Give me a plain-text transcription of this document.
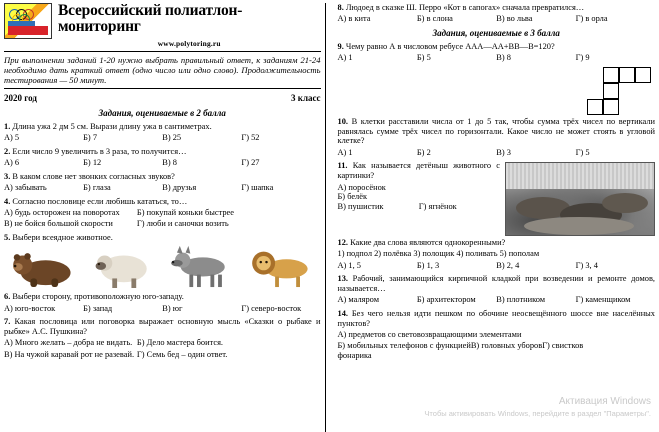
Всероссийский полиатлон-мониторинг
www.polytoring.ru
При выполнении заданий 1-20 нужно выбрать правильный ответ, к заданиям 21-24 необходимо дать краткий ответ (одно число или одно слово). Продолжительность тестирования — 50 минут.
2020 год	3 класс
Задания, оцениваемые в 2 балла
1. Длина ужа 2 дм 5 см. Вырази длину ужа в сантиметрах.
А) 5	Б) 7	В) 25	Г) 52
2. Если число 9 увеличить в 3 раза, то получится…
А) 6	Б) 12	В) 8	Г) 27
3. В каком слове нет звонких согласных звуков?
А) забывать	Б) глаза	В) друзья	Г) шапка
4. Согласно пословице если любишь кататься, то…
А) будь осторожен на поворотах	Б) покупай коньки быстрее
В) не бойся большой скорости	Г) люби и саночки возить
5. Выбери всеядное животное.
6. Выбери сторону, противоположную юго-западу.
А) юго-восток	Б) запад	В) юг	Г) северо-восток
7. Какая пословица или поговорка выражает основную мысль «Сказки о рыбаке и рыбке» А.С. Пушкина?
А) Много желать – добра не видать. Б) Дело мастера боится.
В) На чужой каравай рот не разевай. Г) Семь бед – один ответ.
8. Людоед в сказке Ш. Перро «Кот в сапогах» сначала превратился…
А) в кита	Б) в слона	В) во льва	Г) в орла
Задания, оцениваемые в 3 балла
9. Чему равно А в числовом ребусе ААА—АА+ВВ—В=120?
А) 1	Б) 5	В) 8	Г) 9
10. В клетки расставили числа от 1 до 5 так, чтобы сумма трёх чисел по вертикали равнялась сумме трёх чисел по горизонтали. Какое число не может стоять в угловой клетке?
А) 1	Б) 2	В) 3	Г) 5
11. Как называется детёныш животного с картинки?
А) поросёнок
Б) белёк
В) пушистик	Г) ягнёнок
12. Какие два слова являются однокоренными?
1) подпол 2) полёвка 3) полощик 4) поливать 5) пополам
А) 1, 5	Б) 1, 3	В) 2, 4	Г) 3, 4
13. Рабочий, занимающийся кирпичной кладкой при возведении и ремонте домов, называется…
А) маляром	Б) архитектором	В) плотником	Г) каменщиком
14. Без чего нельзя идти пешком по обочине неосвещённого шоссе вне населённых пунктов?
А) предметов со световозвращающими элементами
Б) мобильных телефонов с функцией фонарика
В) головных уборов Г) свистков
Активация Windows
Чтобы активировать Windows, перейдите в раздел "Параметры".
